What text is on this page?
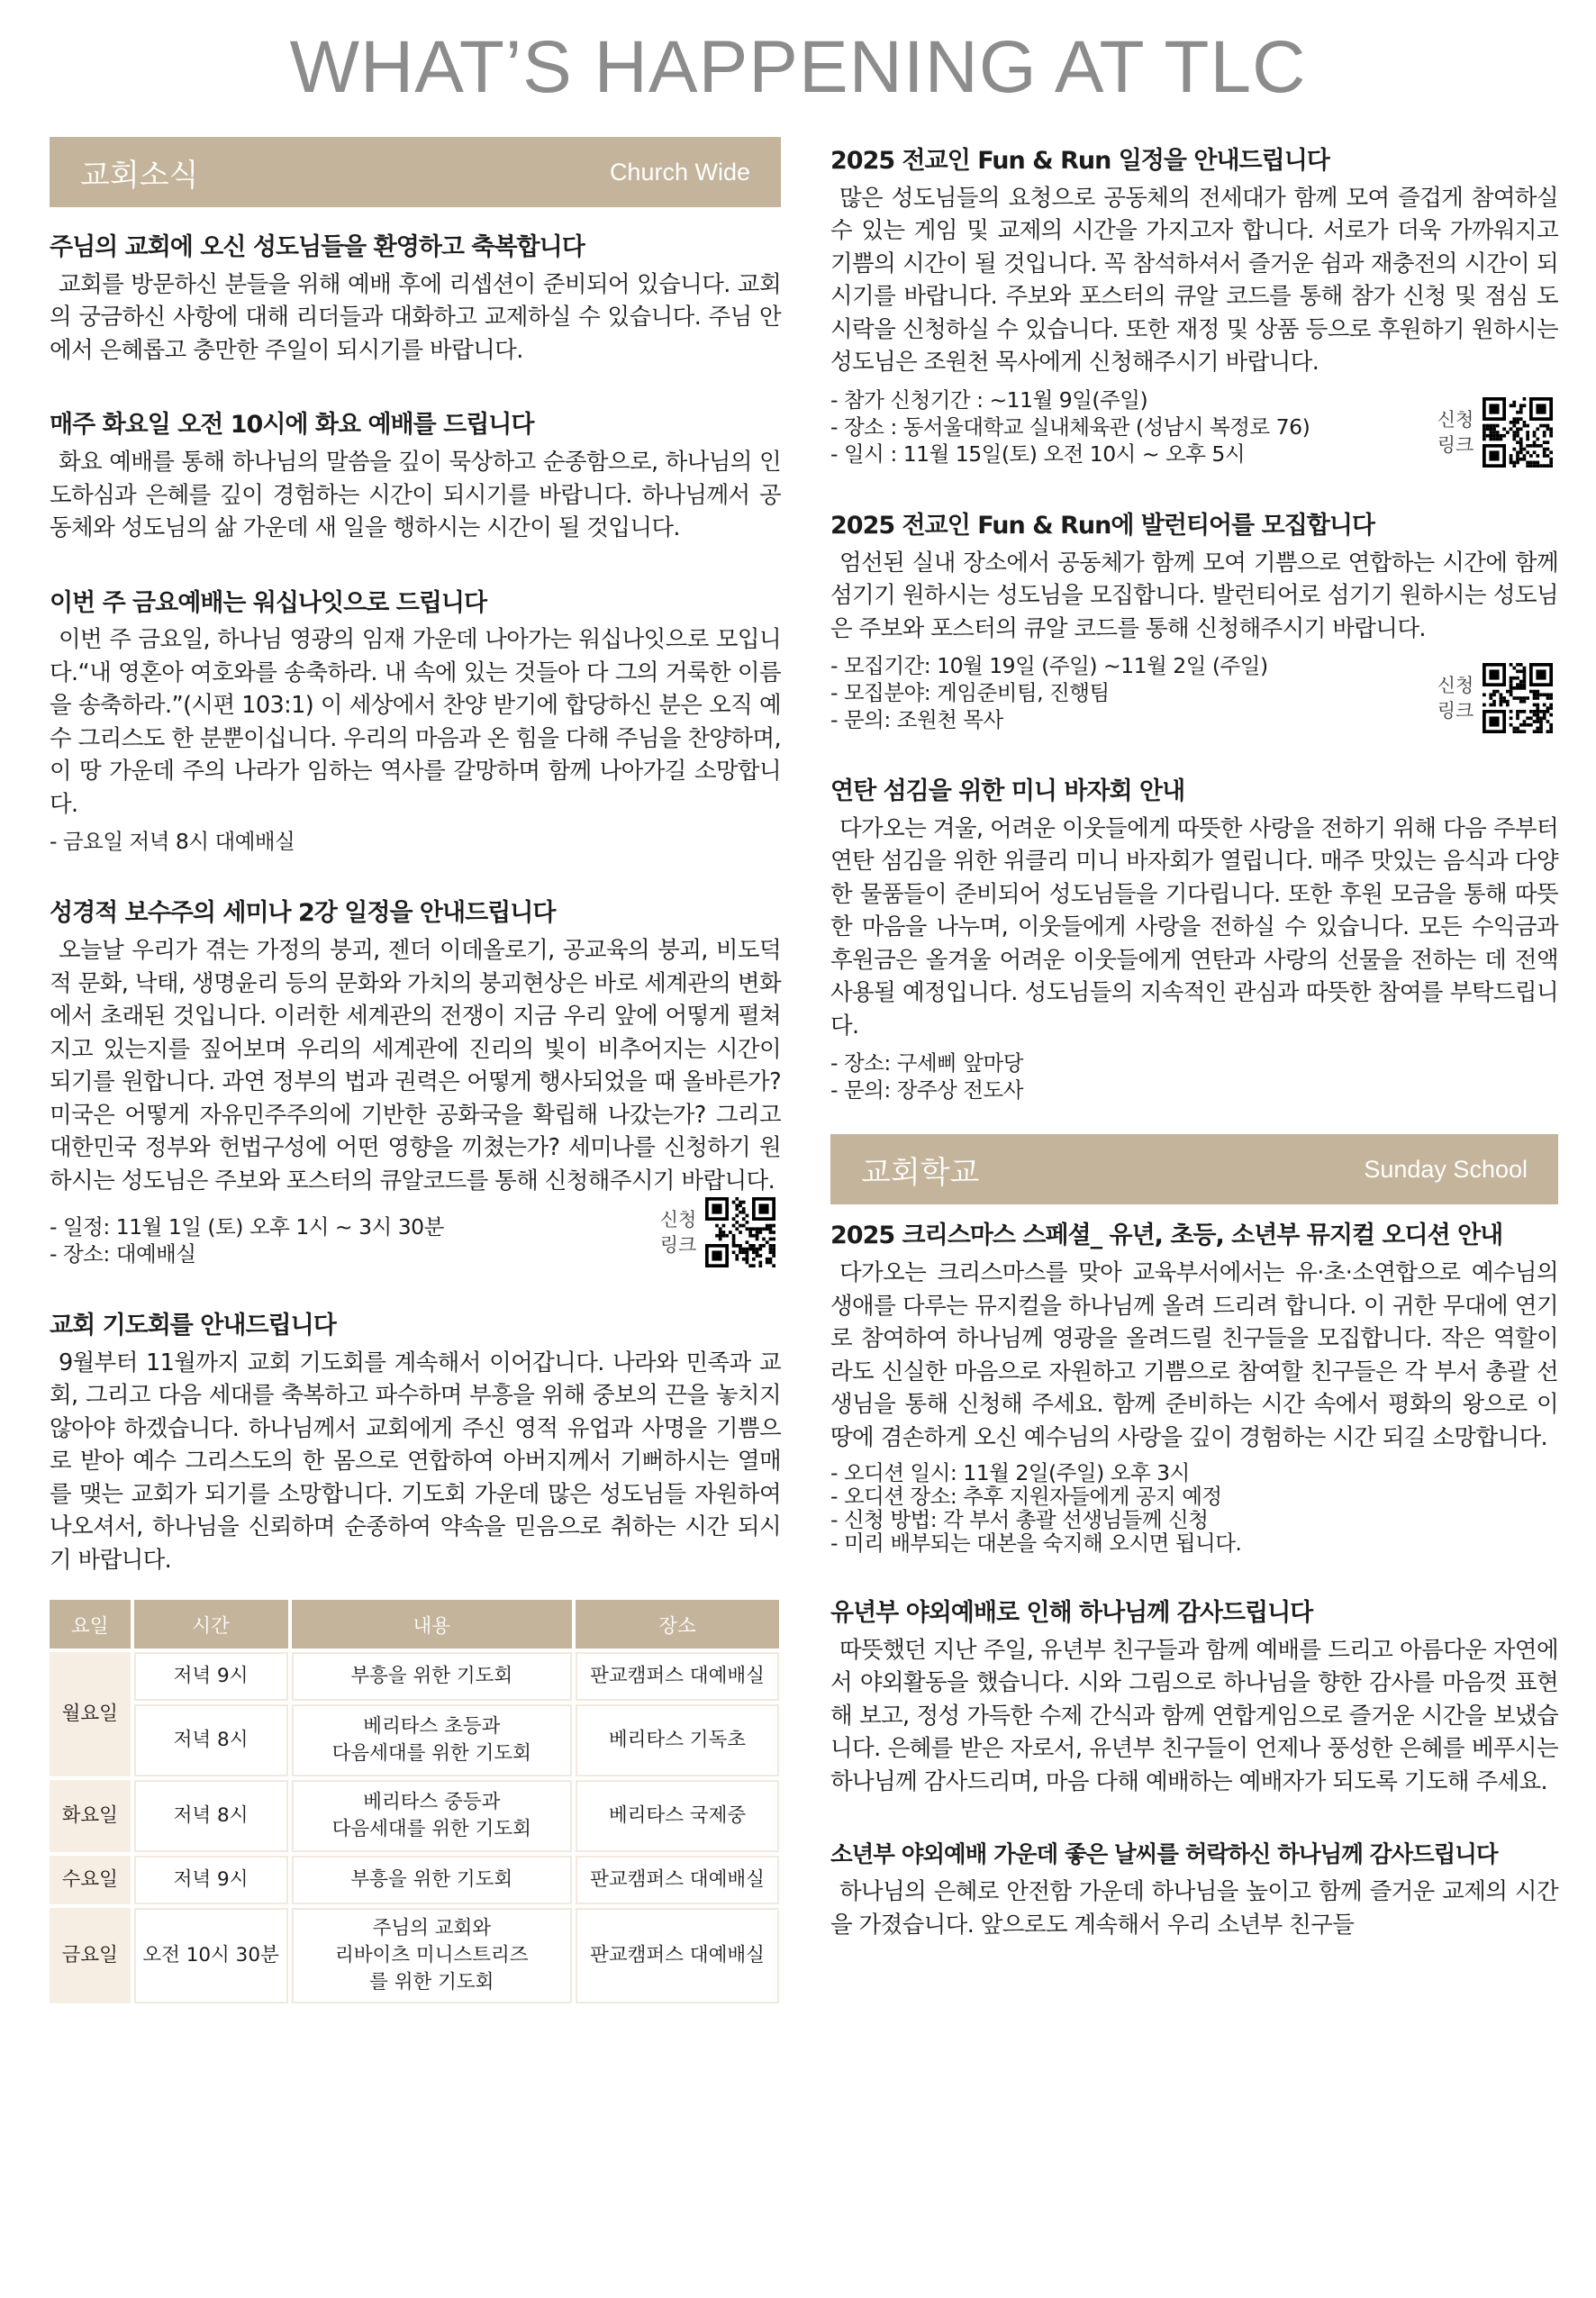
WHAT’S HAPPENING AT TLC
교회소식	Church Wide
주님의 교회에 오신 성도님들을 환영하고 축복합니다

교회를 방문하신 분들을 위해 예배 후에 리셉션이 준비되어 있습니다. 교회의 궁금하신 사항에 대해 리더들과 대화하고 교제하실 수 있습니다. 주님 안에서 은혜롭고 충만한 주일이 되시기를 바랍니다.

매주 화요일 오전 10시에 화요 예배를 드립니다

화요 예배를 통해 하나님의 말씀을 깊이 묵상하고 순종함으로, 하나님의 인도하심과 은혜를 깊이 경험하는 시간이 되시기를 바랍니다. 하나님께서 공동체와 성도님의 삶 가운데 새 일을 행하시는 시간이 될 것입니다.

이번 주 금요예배는 워십나잇으로 드립니다

이번 주 금요일, 하나님 영광의 임재 가운데 나아가는 워십나잇으로 모입니다.“내 영혼아 여호와를 송축하라. 내 속에 있는 것들아 다 그의 거룩한 이름을 송축하라.”(시편 103:1) 이 세상에서 찬양 받기에 합당하신 분은 오직 예수 그리스도 한 분뿐이십니다. 우리의 마음과 온 힘을 다해 주님을 찬양하며, 이 땅 가운데 주의 나라가 임하는 역사를 갈망하며 함께 나아가길 소망합니다.

- 금요일 저녁 8시 대예배실
성경적 보수주의 세미나 2강 일정을 안내드립니다

오늘날 우리가 겪는 가정의 붕괴, 젠더 이데올로기, 공교육의 붕괴, 비도덕적 문화, 낙태, 생명윤리 등의 문화와 가치의 붕괴현상은 바로 세계관의 변화에서 초래된 것입니다. 이러한 세계관의 전쟁이 지금 우리 앞에 어떻게 펼쳐지고 있는지를 짚어보며 우리의 세계관에 진리의 빛이 비추어지는 시간이 되기를 원합니다. 과연 정부의 법과 권력은 어떻게 행사되었을 때 올바른가? 미국은 어떻게 자유민주주의에 기반한 공화국을 확립해 나갔는가? 그리고 대한민국 정부와 헌법구성에 어떤 영향을 끼쳤는가? 세미나를 신청하기 원하시는 성도님은 주보와 포스터의 큐알코드를 통해 신청해주시기 바랍니다.

- 일정: 11월 1일 (토) 오후 1시 ~ 3시 30분
- 장소: 대예배실
신청
링크
교회 기도회를 안내드립니다

9월부터 11월까지 교회 기도회를 계속해서 이어갑니다. 나라와 민족과 교회, 그리고 다음 세대를 축복하고 파수하며 부흥을 위해 중보의 끈을 놓치지 않아야 하겠습니다. 하나님께서 교회에게 주신 영적 유업과 사명을 기쁨으로 받아 예수 그리스도의 한 몸으로 연합하여 아버지께서 기뻐하시는 열매를 맺는 교회가 되기를 소망합니다. 기도회 가운데 많은 성도님들 자원하여 나오셔서, 하나님을 신뢰하며 순종하여 약속을 믿음으로 취하는 시간 되시기 바랍니다.

요일	시간	내용	장소
월요일	저녁 9시	부흥을 위한 기도회	판교캠퍼스 대예배실
	저녁 8시	베리타스 초등과
다음세대를 위한 기도회	베리타스 기독초
화요일	저녁 8시	베리타스 중등과
다음세대를 위한 기도회	베리타스 국제중
수요일	저녁 9시	부흥을 위한 기도회	판교캠퍼스 대예배실
금요일	오전 10시 30분	주님의 교회와
리바이츠 미니스트리즈
를 위한 기도회	판교캠퍼스 대예배실
2025 전교인 Fun & Run 일정을 안내드립니다

많은 성도님들의 요청으로 공동체의 전세대가 함께 모여 즐겁게 참여하실 수 있는 게임 및 교제의 시간을 가지고자 합니다. 서로가 더욱 가까워지고 기쁨의 시간이 될 것입니다. 꼭 참석하셔서 즐거운 쉼과 재충전의 시간이 되시기를 바랍니다. 주보와 포스터의 큐알 코드를 통해 참가 신청 및 점심 도시락을 신청하실 수 있습니다. 또한 재정 및 상품 등으로 후원하기 원하시는 성도님은 조원천 목사에게 신청해주시기 바랍니다.

- 참가 신청기간 : ~11월 9일(주일)
- 장소 : 동서울대학교 실내체육관 (성남시 복정로 76)
- 일시 : 11월 15일(토) 오전 10시 ~ 오후 5시
신청
링크
2025 전교인 Fun & Run에 발런티어를 모집합니다

엄선된 실내 장소에서 공동체가 함께 모여 기쁨으로 연합하는 시간에 함께 섬기기 원하시는 성도님을 모집합니다. 발런티어로 섬기기 원하시는 성도님은 주보와 포스터의 큐알 코드를 통해 신청해주시기 바랍니다.

- 모집기간: 10월 19일 (주일) ~11월 2일 (주일)
- 모집분야: 게임준비팀, 진행팀
- 문의: 조원천 목사
신청
링크
연탄 섬김을 위한 미니 바자회 안내

다가오는 겨울, 어려운 이웃들에게 따뜻한 사랑을 전하기 위해 다음 주부터 연탄 섬김을 위한 위클리 미니 바자회가 열립니다. 매주 맛있는 음식과 다양한 물품들이 준비되어 성도님들을 기다립니다. 또한 후원 모금을 통해 따뜻한 마음을 나누며, 이웃들에게 사랑을 전하실 수 있습니다. 모든 수익금과 후원금은 올겨울 어려운 이웃들에게 연탄과 사랑의 선물을 전하는 데 전액 사용될 예정입니다. 성도님들의 지속적인 관심과 따뜻한 참여를 부탁드립니다.

- 장소: 구세삐 앞마당
- 문의: 장주상 전도사
교회학교	Sunday School
2025 크리스마스 스페셜_ 유년, 초등, 소년부 뮤지컬 오디션 안내

다가오는 크리스마스를 맞아 교육부서에서는 유·초·소연합으로 예수님의 생애를 다루는 뮤지컬을 하나님께 올려 드리려 합니다. 이 귀한 무대에 연기로 참여하여 하나님께 영광을 올려드릴 친구들을 모집합니다. 작은 역할이라도 신실한 마음으로 자원하고 기쁨으로 참여할 친구들은 각 부서 총괄 선생님을 통해 신청해 주세요. 함께 준비하는 시간 속에서 평화의 왕으로 이 땅에 겸손하게 오신 예수님의 사랑을 깊이 경험하는 시간 되길 소망합니다.

- 오디션 일시: 11월 2일(주일) 오후 3시
- 오디션 장소: 추후 지원자들에게 공지 예정
- 신청 방법: 각 부서 총괄 선생님들께 신청
- 미리 배부되는 대본을 숙지해 오시면 됩니다.
유년부 야외예배로 인해 하나님께 감사드립니다

따뜻했던 지난 주일, 유년부 친구들과 함께 예배를 드리고 아름다운 자연에서 야외활동을 했습니다. 시와 그림으로 하나님을 향한 감사를 마음껏 표현해 보고, 정성 가득한 수제 간식과 함께 연합게임으로 즐거운 시간을 보냈습니다. 은혜를 받은 자로서, 유년부 친구들이 언제나 풍성한 은혜를 베푸시는 하나님께 감사드리며, 마음 다해 예배하는 예배자가 되도록 기도해 주세요.

소년부 야외예배 가운데 좋은 날씨를 허락하신 하나님께 감사드립니다

하나님의 은혜로 안전함 가운데 하나님을 높이고 함께 즐거운 교제의 시간을 가졌습니다. 앞으로도 계속해서 우리 소년부 친구들
